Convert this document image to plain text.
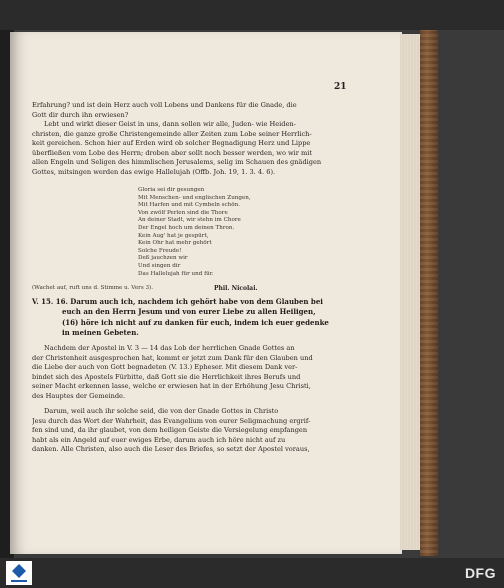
21
Erfahrung? und ist dein Herz auch voll Lobens und Dankens für die Gnade, die
Gott dir durch ihn erwiesen?
Lebt und wirkt dieser Geist in uns, dann sollen wir alle, Juden- wie Heiden-
christen, die ganze große Christengemeinde aller Zeiten zum Lobe seiner Herrlich-
keit gereichen. Schon hier auf Erden wird ob solcher Begnadigung Herz und Lippe
überfließen vom Lobe des Herrn; droben aber sollt noch besser werden, wo wir mit
allen Engeln und Seligen des himmlischen Jerusalems, selig im Schauen des gnädigen
Gottes, mitsingen werden das ewige Hallelujah (Offb. Joh. 19, 1. 3. 4. 6).
Gloria sei dir gesungen
Mit Menschen- und englischen Zungen,
Mit Harfen und mit Cymbeln schön.
Von zwölf Perlen sind die Thore
An deiner Stadt, wir stehn im Chore
Der Engel hoch um deinen Thron.
Kein Aug' hat je gespürt,
Kein Ohr hat mehr gehört
Solche Freude!
Deß jauchzen wir
Und singen dir
Das Hallelujah für und für.
(Wachet auf, ruft uns d. Stimme u. Vers 3).	Phil. Nicolai.
V. 15. 16. Darum auch ich, nachdem ich gehört habe von dem Glauben bei
euch an den Herrn Jesum und von eurer Liebe zu allen Heiligen,
(16) höre ich nicht auf zu danken für euch, indem ich euer gedenke
in meinen Gebeten.
Nachdem der Apostel in V. 3 — 14 das Lob der herrlichen Gnade Gottes an
der Christenheit ausgesprochen hat, kommt er jetzt zum Dank für den Glauben und
die Liebe der auch von Gott begnadeten (V. 13.) Epheser. Mit diesem Dank ver-
bindet sich des Apostels Fürbitte, daß Gott sie die Herrlichkeit ihres Berufs und
seiner Macht erkennen lasse, welche er erwiesen hat in der Erhöhung Jesu Christi,
des Hauptes der Gemeinde.
Darum, weil auch ihr solche seid, die von der Gnade Gottes in Christo
Jesu durch das Wort der Wahrheit, das Evangelium von eurer Seligmachung ergrif-
fen sind und, da ihr glaubet, von dem heiligen Geiste die Versiegelung empfangen
habt als ein Angeld auf euer ewiges Erbe, darum auch ich höre nicht auf zu
danken. Alle Christen, also auch die Leser des Briefes, so setzt der Apostel voraus,
DFG
